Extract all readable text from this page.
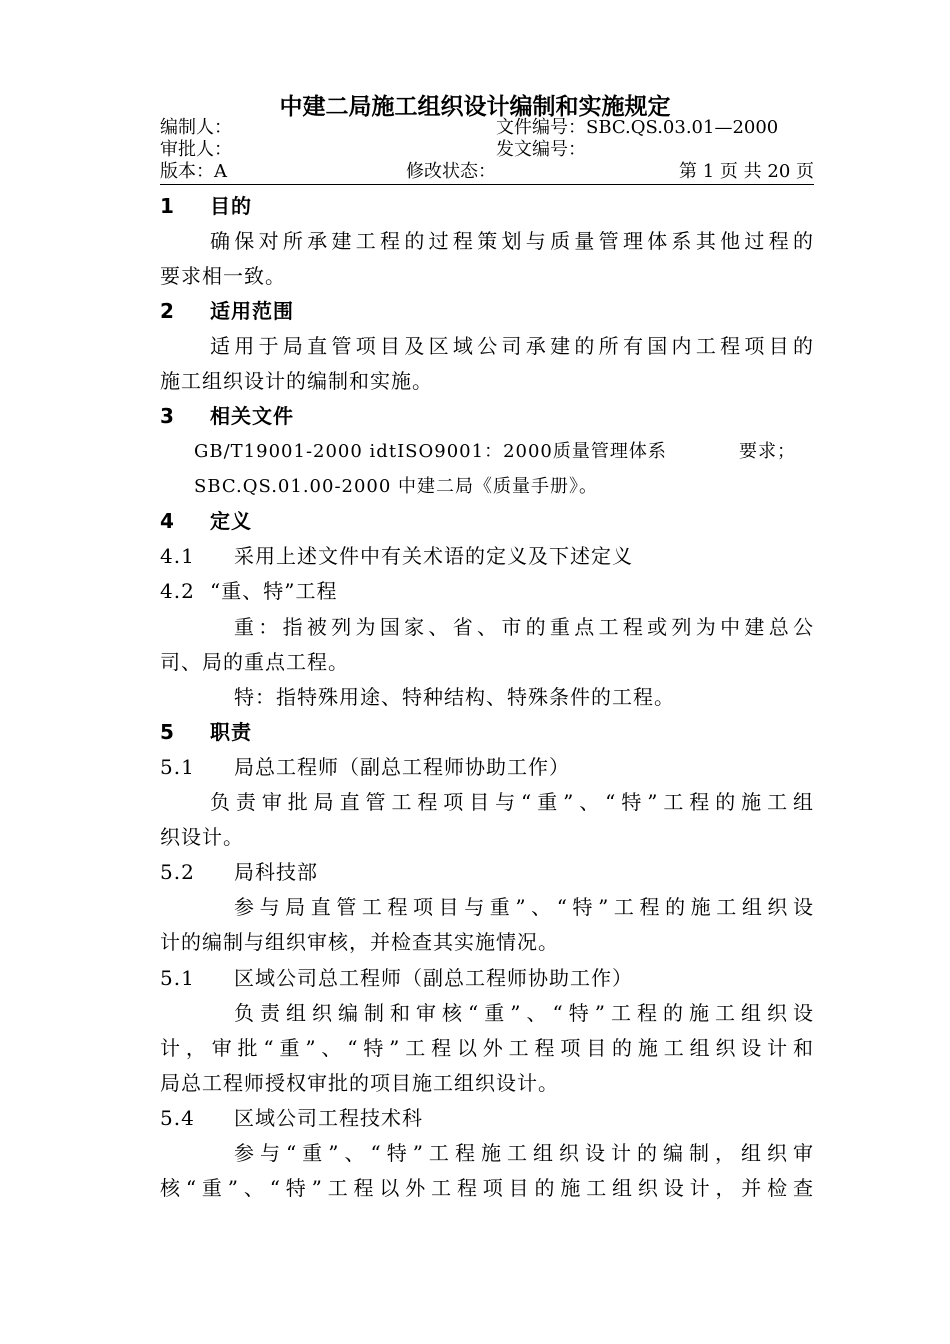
中建二局施工组织设计编制和实施规定
编制人：	文件编号：SBC.QS.03.01—2000
审批人：	发文编号：
版本：A	修改状态：	第 1 页 共 20 页
1 目的
确保对所承建工程的过程策划与质量管理体系其他过程的
要求相一致。
2 适用范围
适用于局直管项目及区域公司承建的所有国内工程项目的
施工组织设计的编制和实施。
3 相关文件
GB/T19001-2000 idtISO9001：2000质量管理体系	要求；
SBC.QS.01.00-2000 中建二局《质量手册》。
4 定义
4.1 采用上述文件中有关术语的定义及下述定义
4.2 “重、特”工程
重：指被列为国家、省、市的重点工程或列为中建总公
司、局的重点工程。
特：指特殊用途、特种结构、特殊条件的工程。
5 职责
5.1 局总工程师（副总工程师协助工作）
负责审批局直管工程项目与“重”、“特”工程的施工组
织设计。
5.2 局科技部
参与局直管工程项目与重”、“特”工程的施工组织设
计的编制与组织审核，并检查其实施情况。
5.1 区域公司总工程师（副总工程师协助工作）
负责组织编制和审核“重”、“特”工程的施工组织设
计，审批“重”、“特”工程以外工程项目的施工组织设计和
局总工程师授权审批的项目施工组织设计。
5.4 区域公司工程技术科
参与“重”、“特”工程施工组织设计的编制，组织审
核“重”、“特”工程以外工程项目的施工组织设计，并检查
